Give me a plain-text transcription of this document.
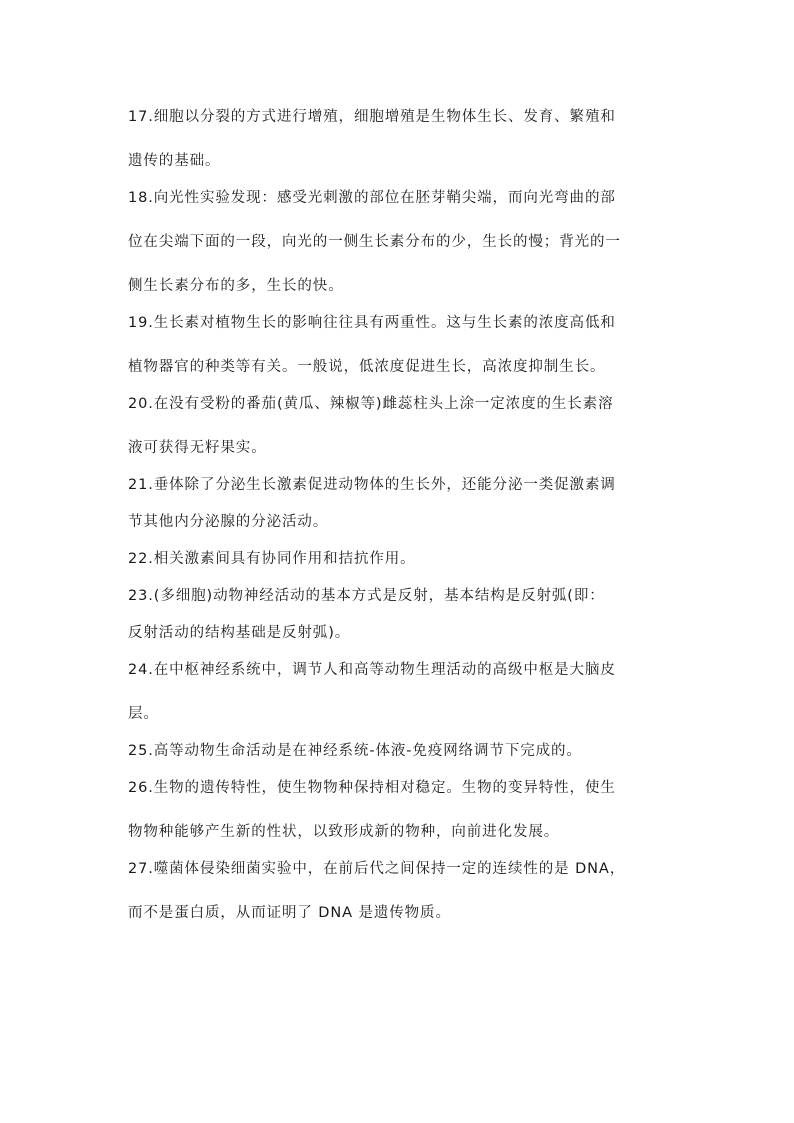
17.细胞以分裂的方式进行增殖，细胞增殖是生物体生长、发育、繁殖和
遗传的基础。
18.向光性实验发现：感受光刺激的部位在胚芽鞘尖端，而向光弯曲的部
位在尖端下面的一段，向光的一侧生长素分布的少，生长的慢；背光的一
侧生长素分布的多，生长的快。
19.生长素对植物生长的影响往往具有两重性。这与生长素的浓度高低和
植物器官的种类等有关。一般说，低浓度促进生长，高浓度抑制生长。
20.在没有受粉的番茄(黄瓜、辣椒等)雌蕊柱头上涂一定浓度的生长素溶
液可获得无籽果实。
21.垂体除了分泌生长激素促进动物体的生长外，还能分泌一类促激素调
节其他内分泌腺的分泌活动。
22.相关激素间具有协同作用和拮抗作用。
23.(多细胞)动物神经活动的基本方式是反射，基本结构是反射弧(即：
反射活动的结构基础是反射弧)。
24.在中枢神经系统中，调节人和高等动物生理活动的高级中枢是大脑皮
层。
25.高等动物生命活动是在神经系统-体液-免疫网络调节下完成的。
26.生物的遗传特性，使生物物种保持相对稳定。生物的变异特性，使生
物物种能够产生新的性状，以致形成新的物种，向前进化发展。
27.噬菌体侵染细菌实验中，在前后代之间保持一定的连续性的是 DNA，
而不是蛋白质，从而证明了 DNA 是遗传物质。
